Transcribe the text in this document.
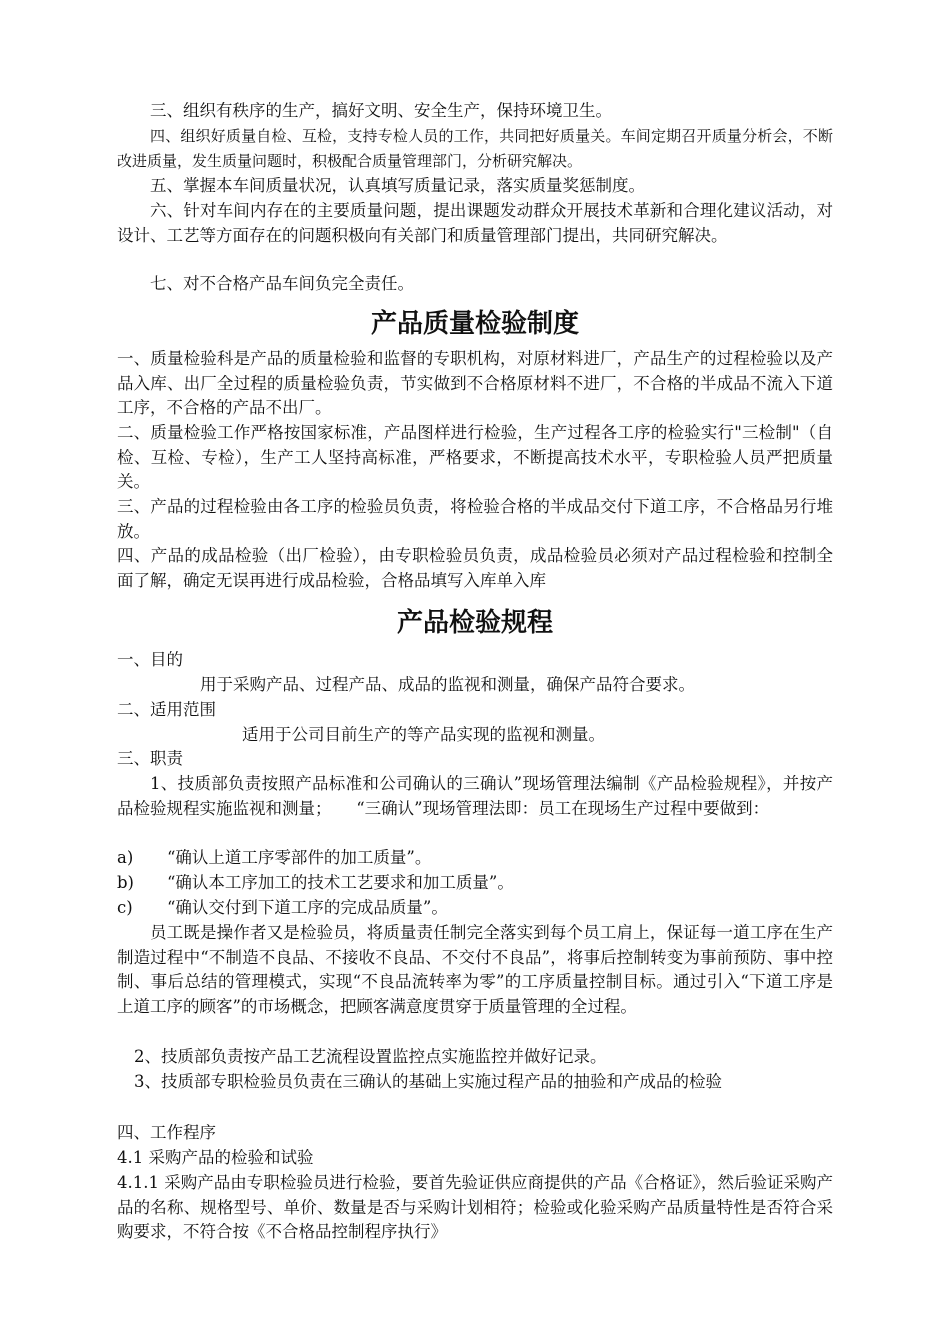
三、组织有秩序的生产，搞好文明、安全生产，保持环境卫生。
四、组织好质量自检、互检，支持专检人员的工作，共同把好质量关。车间定期召开质量分析会，不断改进质量，发生质量问题时，积极配合质量管理部门，分析研究解决。
五、掌握本车间质量状况，认真填写质量记录，落实质量奖惩制度。
六、针对车间内存在的主要质量问题，提出课题发动群众开展技术革新和合理化建议活动，对设计、工艺等方面存在的问题积极向有关部门和质量管理部门提出，共同研究解决。
七、对不合格产品车间负完全责任。
产品质量检验制度
一、质量检验科是产品的质量检验和监督的专职机构，对原材料进厂，产品生产的过程检验以及产品入库、出厂全过程的质量检验负责，节实做到不合格原材料不进厂，不合格的半成品不流入下道工序，不合格的产品不出厂。
二、质量检验工作严格按国家标准，产品图样进行检验，生产过程各工序的检验实行"三检制"（自检、互检、专检），生产工人坚持高标准，严格要求，不断提高技术水平，专职检验人员严把质量关。
三、产品的过程检验由各工序的检验员负责，将检验合格的半成品交付下道工序，不合格品另行堆放。
四、产品的成品检验（出厂检验），由专职检验员负责，成品检验员必须对产品过程检验和控制全面了解，确定无误再进行成品检验，合格品填写入库单入库
产品检验规程
一、目的
用于采购产品、过程产品、成品的监视和测量，确保产品符合要求。
二、适用范围
适用于公司目前生产的等产品实现的监视和测量。
三、职责
1、技质部负责按照产品标准和公司确认的三确认”现场管理法编制《产品检验规程》，并按产品检验规程实施监视和测量；　　“三确认”现场管理法即：员工在现场生产过程中要做到：
a) “确认上道工序零部件的加工质量”。
b) “确认本工序加工的技术工艺要求和加工质量”。
c) “确认交付到下道工序的完成品质量”。
员工既是操作者又是检验员，将质量责任制完全落实到每个员工肩上，保证每一道工序在生产制造过程中“不制造不良品、不接收不良品、不交付不良品”，将事后控制转变为事前预防、事中控制、事后总结的管理模式，实现“不良品流转率为零”的工序质量控制目标。通过引入“下道工序是上道工序的顾客”的市场概念，把顾客满意度贯穿于质量管理的全过程。
2、技质部负责按产品工艺流程设置监控点实施监控并做好记录。
3、技质部专职检验员负责在三确认的基础上实施过程产品的抽验和产成品的检验
四、工作程序
4.1 采购产品的检验和试验
4.1.1 采购产品由专职检验员进行检验，要首先验证供应商提供的产品《合格证》，然后验证采购产品的名称、规格型号、单价、数量是否与采购计划相符；检验或化验采购产品质量特性是否符合采购要求，不符合按《不合格品控制程序执行》
